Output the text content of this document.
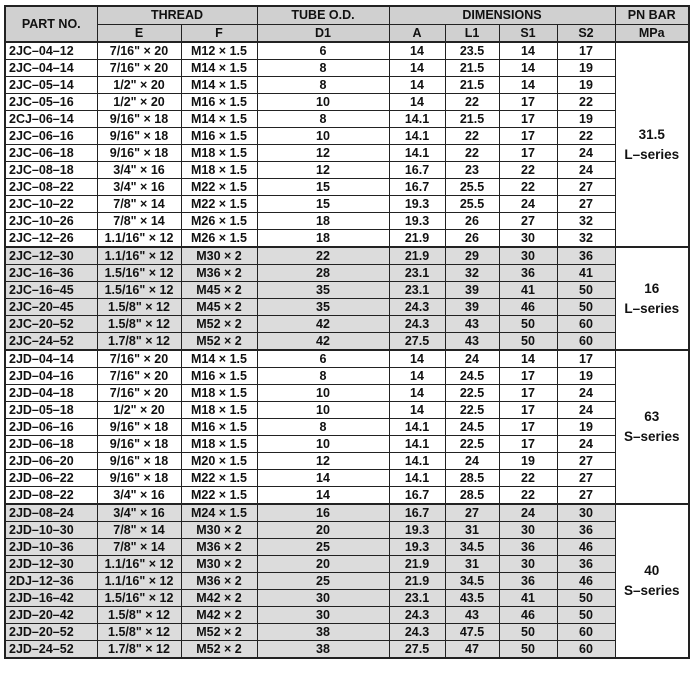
PART NO.	THREAD		TUBE O.D.	DIMENSIONS				PN BAR
	E	F	D1	A	L1	S1	S2	MPa
2JC–04–12	7/16" × 20	M12 × 1.5	6	14	23.5	14	17	31.5
L–series

2JC–04–14	7/16" × 20	M14 × 1.5	8	14	21.5	14	19	
2JC–05–14	1/2" × 20	M14 × 1.5	8	14	21.5	14	19	
2JC–05–16	1/2" × 20	M16 × 1.5	10	14	22	17	22	
2CJ–06–14	9/16" × 18	M14 × 1.5	8	14.1	21.5	17	19	
2JC–06–16	9/16" × 18	M16 × 1.5	10	14.1	22	17	22	
2JC–06–18	9/16" × 18	M18 × 1.5	12	14.1	22	17	24	
2JC–08–18	3/4" × 16	M18 × 1.5	12	16.7	23	22	24	
2JC–08–22	3/4" × 16	M22 × 1.5	15	16.7	25.5	22	27	
2JC–10–22	7/8" × 14	M22 × 1.5	15	19.3	25.5	24	27	
2JC–10–26	7/8" × 14	M26 × 1.5	18	19.3	26	27	32	
2JC–12–26	1.1/16" × 12	M26 × 1.5	18	21.9	26	30	32	
2JC–12–30	1.1/16" × 12	M30 × 2	22	21.9	29	30	36	16
L–series

2JC–16–36	1.5/16" × 12	M36 × 2	28	23.1	32	36	41	
2JC–16–45	1.5/16" × 12	M45 × 2	35	23.1	39	41	50	
2JC–20–45	1.5/8" × 12	M45 × 2	35	24.3	39	46	50	
2JC–20–52	1.5/8" × 12	M52 × 2	42	24.3	43	50	60	
2JC–24–52	1.7/8" × 12	M52 × 2	42	27.5	43	50	60	
2JD–04–14	7/16" × 20	M14 × 1.5	6	14	24	14	17	63
S–series

2JD–04–16	7/16" × 20	M16 × 1.5	8	14	24.5	17	19	
2JD–04–18	7/16" × 20	M18 × 1.5	10	14	22.5	17	24	
2JD–05–18	1/2" × 20	M18 × 1.5	10	14	22.5	17	24	
2JD–06–16	9/16" × 18	M16 × 1.5	8	14.1	24.5	17	19	
2JD–06–18	9/16" × 18	M18 × 1.5	10	14.1	22.5	17	24	
2JD–06–20	9/16" × 18	M20 × 1.5	12	14.1	24	19	27	
2JD–06–22	9/16" × 18	M22 × 1.5	14	14.1	28.5	22	27	
2JD–08–22	3/4" × 16	M22 × 1.5	14	16.7	28.5	22	27	
2JD–08–24	3/4" × 16	M24 × 1.5	16	16.7	27	24	30	40
S–series

2JD–10–30	7/8" × 14	M30 × 2	20	19.3	31	30	36	
2JD–10–36	7/8" × 14	M36 × 2	25	19.3	34.5	36	46	
2JD–12–30	1.1/16" × 12	M30 × 2	20	21.9	31	30	36	
2DJ–12–36	1.1/16" × 12	M36 × 2	25	21.9	34.5	36	46	
2JD–16–42	1.5/16" × 12	M42 × 2	30	23.1	43.5	41	50	
2JD–20–42	1.5/8" × 12	M42 × 2	30	24.3	43	46	50	
2JD–20–52	1.5/8" × 12	M52 × 2	38	24.3	47.5	50	60	
2JD–24–52	1.7/8" × 12	M52 × 2	38	27.5	47	50	60	
